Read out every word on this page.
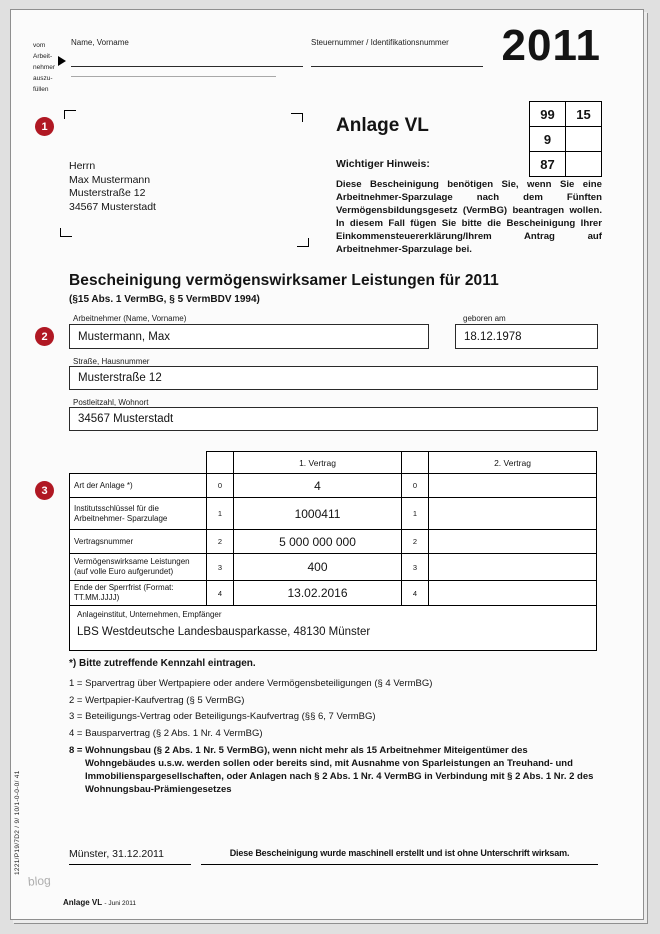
vom
Arbeit-
nehmer
auszu-
füllen
Name, Vorname	Steuernummer / Identifikationsnummer	2011
1
2
3
Anlage VL
99	15
9	
87	
Herrn
Max Mustermann
Musterstraße 12
34567 Musterstadt
Wichtiger Hinweis:
Diese Bescheinigung benötigen Sie, wenn Sie eine Arbeitnehmer-Sparzulage nach dem Fünften Vermögensbildungsgesetz (VermBG) beantragen wollen. In diesem Fall fügen Sie bitte die Bescheinigung Ihrer Einkommensteuererklärung/Ihrem Antrag auf Arbeitnehmer-Sparzulage bei.
Bescheinigung vermögenswirksamer Leistungen für 2011
(§15 Abs. 1 VermBG, § 5 VermBDV 1994)
Arbeitnehmer (Name, Vorname)	geboren am
Mustermann, Max	18.12.1978
Straße, Hausnummer
Musterstraße 12
Postleitzahl, Wohnort
34567 Musterstadt
		1. Vertrag		2. Vertrag
Art der Anlage *)	0	4	0	
Institutsschlüssel für die Arbeitnehmer- Sparzulage	1	1000411	1	
Vertragsnummer	2	5 000 000 000	2	
Vermögenswirksame Leistungen (auf volle Euro aufgerundet)	3	400	3	
Ende der Sperrfrist (Format: TT.MM.JJJJ)	4	13.02.2016	4	

Anlageinstitut, Unternehmen, Empfänger
LBS Westdeutsche Landesbausparkasse, 48130 Münster				
*) Bitte zutreffende Kennzahl eintragen.
1 = Sparvertrag über Wertpapiere oder andere Vermögensbeteiligungen (§ 4 VermBG)
2 = Wertpapier-Kaufvertrag (§ 5 VermBG)
3 = Beteiligungs-Vertrag oder Beteiligungs-Kaufvertrag (§§ 6, 7 VermBG)
4 = Bausparvertrag (§ 2 Abs. 1 Nr. 4 VermBG)
8 = Wohnungsbau (§ 2 Abs. 1 Nr. 5 VermBG), wenn nicht mehr als 15 Arbeitnehmer Miteigentümer des Wohngebäudes u.s.w. werden sollen oder bereits sind, mit Ausnahme von Sparleistungen an Treuhand- und Immobilienspargesellschaften, oder Anlagen nach § 2 Abs. 1 Nr. 4 VermBG in Verbindung mit § 2 Abs. 1 Nr. 2 des Wohnungsbau-Prämiengesetzes
Münster, 31.12.2011	Diese Bescheinigung wurde maschinell erstellt und ist ohne Unterschrift wirksam.
Anlage VL - Juni 2011
1221/P19/7D2 / 9/ 10/1-0-0-0/ 41
blog
